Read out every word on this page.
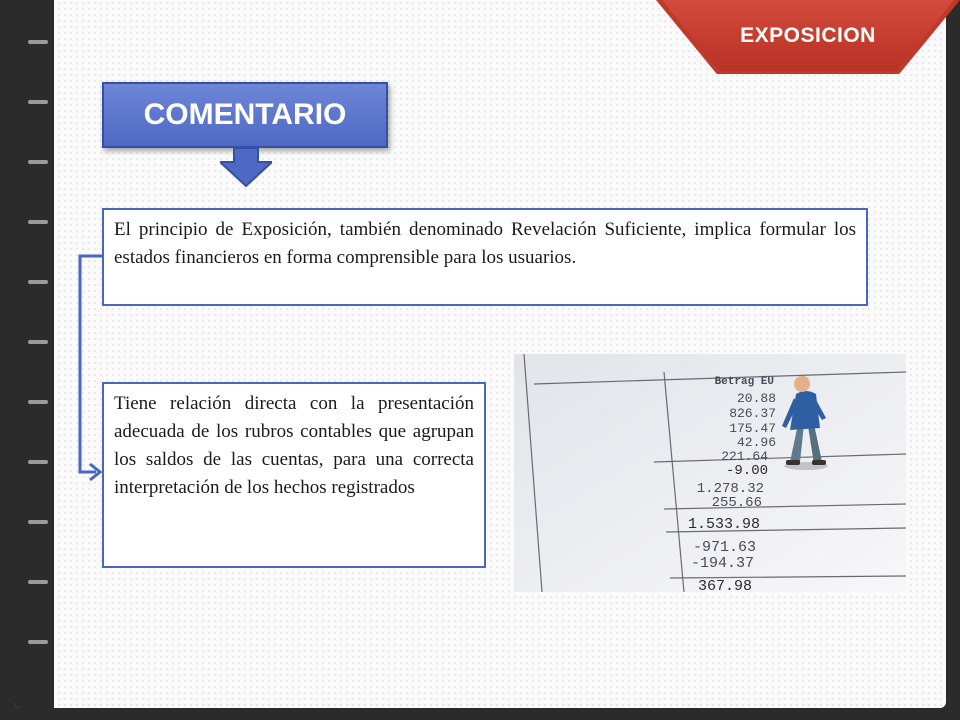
EXPOSICION
COMENTARIO
El principio de Exposición, también denominado Revelación Suficiente, implica formular los estados financieros en forma comprensible para los usuarios.
Tiene relación directa con la presentación adecuada de los rubros contables que agrupan los saldos de las cuentas, para una correcta interpretación de los hechos registrados
Betrag EU
20.88
826.37
175.47
42.96
221.64
-9.00
1.278.32
255.66
1.533.98
-971.63
-194.37
367.98
